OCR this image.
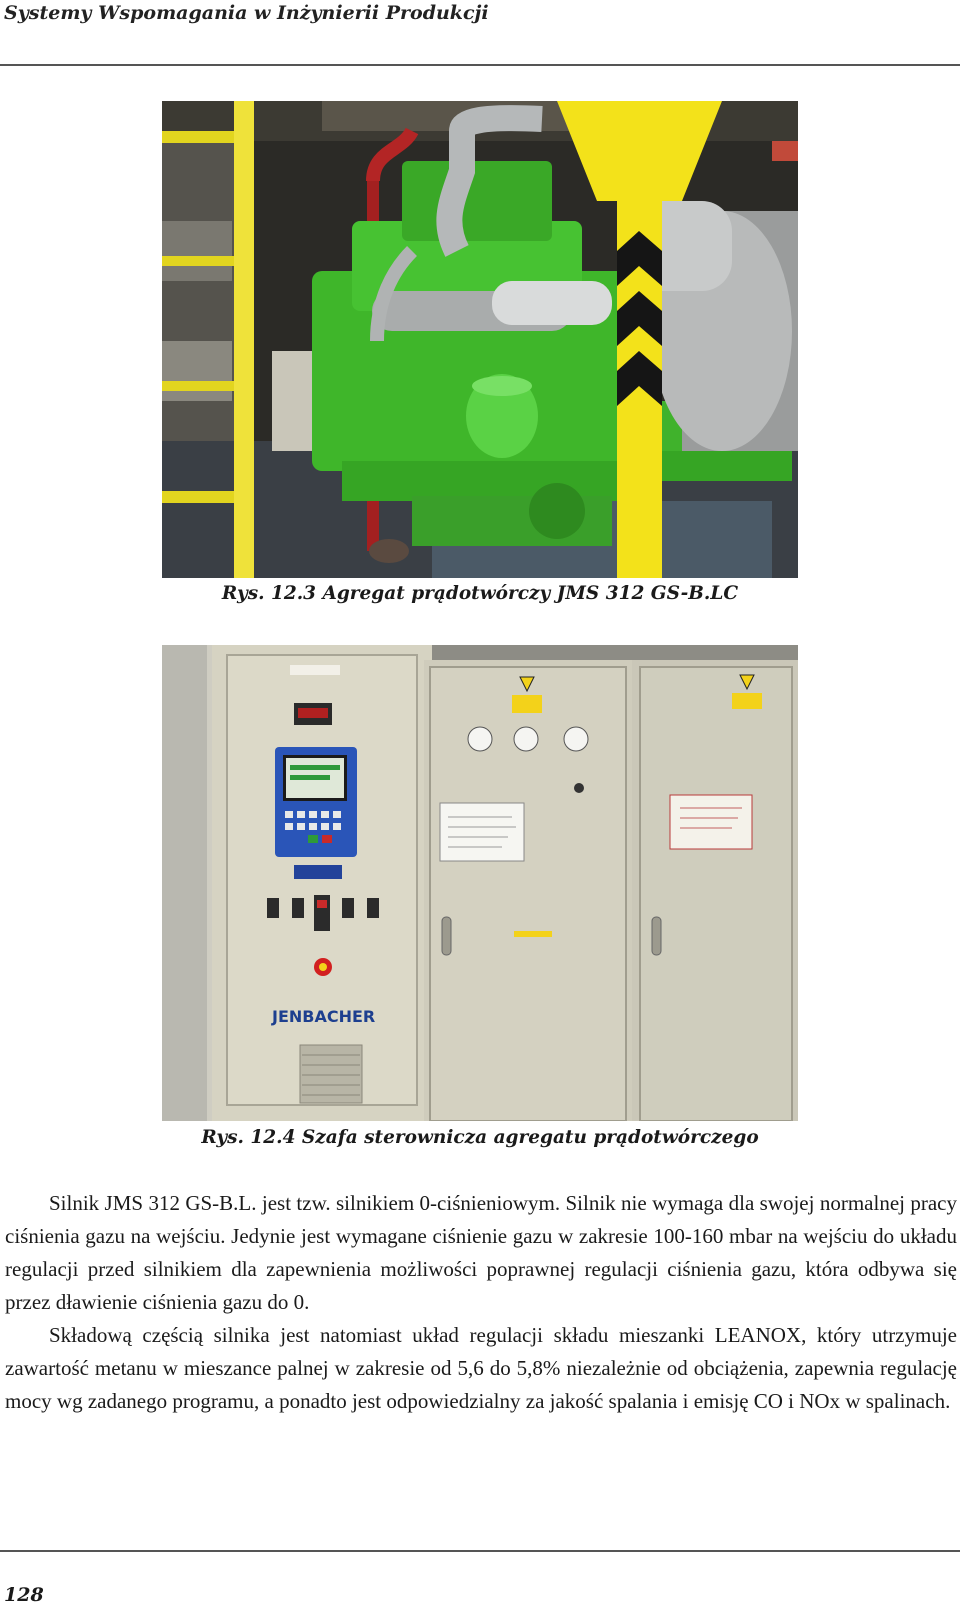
Systemy Wspomagania w Inżynierii Produkcji
Rys. 12.3 Agregat prądotwórczy JMS 312 GS-B.LC
JENBACHER
Rys. 12.4 Szafa sterownicza agregatu prądotwórczego

Silnik JMS 312 GS-B.L. jest tzw. silnikiem 0-ciśnieniowym. Silnik nie wymaga dla swojej normalnej pracy ciśnienia gazu na wejściu. Jedynie jest wymagane ciśnienie gazu w zakresie 100-160 mbar na wejściu do układu regulacji przed silnikiem dla zapewnienia możliwości poprawnej regulacji ciśnienia gazu, która odbywa się przez dławienie ciśnienia gazu do 0.

Składową częścią silnika jest natomiast układ regulacji składu mieszanki LEANOX, który utrzymuje zawartość metanu w mieszance palnej w zakresie od 5,6 do 5,8% niezależnie od obciążenia, zapewnia regulację mocy wg zadanego programu, a ponadto jest odpowiedzialny za jakość spalania i emisję CO i NOx w spalinach.

128
